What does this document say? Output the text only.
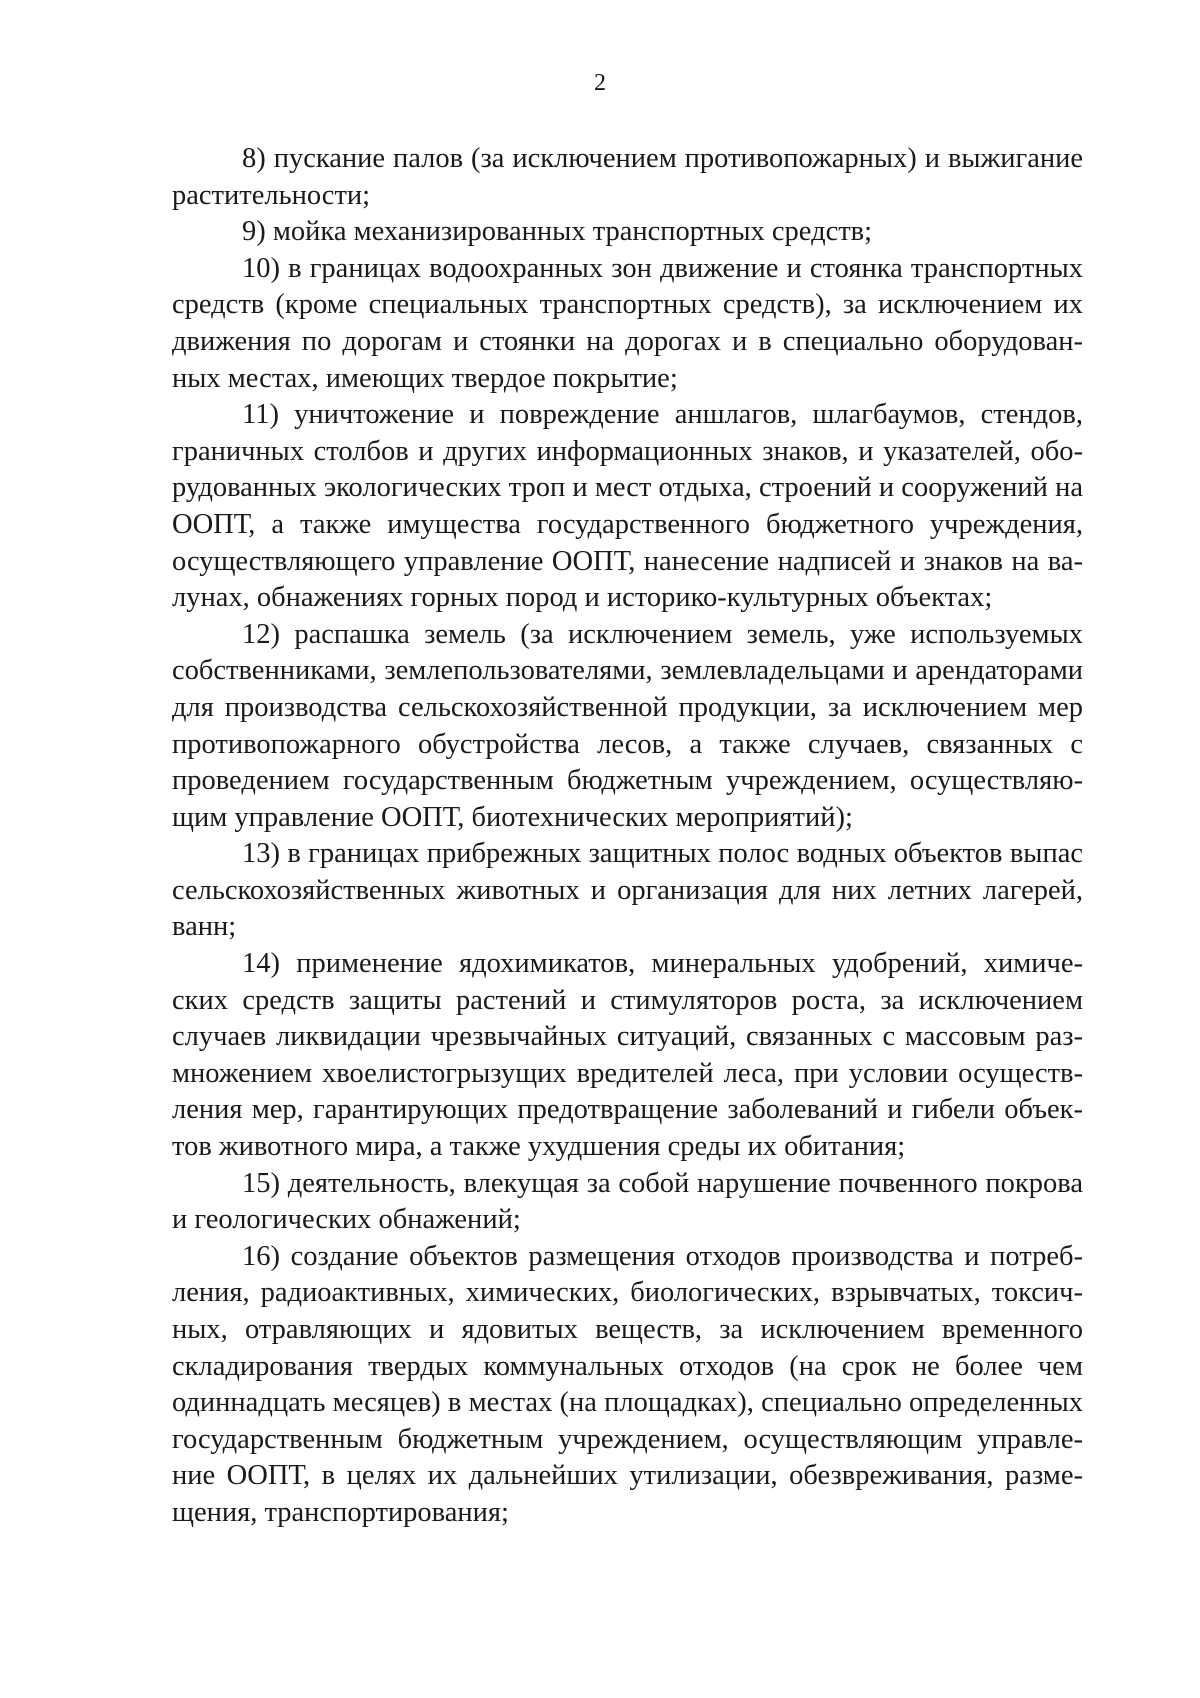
2

8) пускание палов (за исключением противопожарных) и выжигание растительности;

9) мойка механизированных транспортных средств;

10) в границах водоохранных зон движение и стоянка транспортных средств (кроме специальных транспортных средств), за исключением их движения по дорогам и стоянки на дорогах и в специально оборудованных местах, имеющих твердое покрытие;

11) уничтожение и повреждение аншлагов, шлагбаумов, стендов, граничных столбов и других информационных знаков, и указателей, оборудованных экологических троп и мест отдыха, строений и сооружений на ООПТ, а также имущества государственного бюджетного учреждения, осуществляющего управление ООПТ, нанесение надписей и знаков на валунах, обнажениях горных пород и историко-культурных объектах;

12) распашка земель (за исключением земель, уже используемых собственниками, землепользователями, землевладельцами и арендаторами для производства сельскохозяйственной продукции, за исключением мер противопожарного обустройства лесов, а также случаев, связанных с проведением государственным бюджетным учреждением, осуществляющим управление ООПТ, биотехнических мероприятий);

13) в границах прибрежных защитных полос водных объектов выпас сельскохозяйственных животных и организация для них летних лагерей, ванн;

14) применение ядохимикатов, минеральных удобрений, химических средств защиты растений и стимуляторов роста, за исключением случаев ликвидации чрезвычайных ситуаций, связанных с массовым размножением хвоелистогрызущих вредителей леса, при условии осуществления мер, гарантирующих предотвращение заболеваний и гибели объектов животного мира, а также ухудшения среды их обитания;

15) деятельность, влекущая за собой нарушение почвенного покрова и геологических обнажений;

16) создание объектов размещения отходов производства и потребления, радиоактивных, химических, биологических, взрывчатых, токсичных, отравляющих и ядовитых веществ, за исключением временного складирования твердых коммунальных отходов (на срок не более чем одиннадцать месяцев) в местах (на площадках), специально определенных государственным бюджетным учреждением, осуществляющим управление ООПТ, в целях их дальнейших утилизации, обезвреживания, размещения, транспортирования;
